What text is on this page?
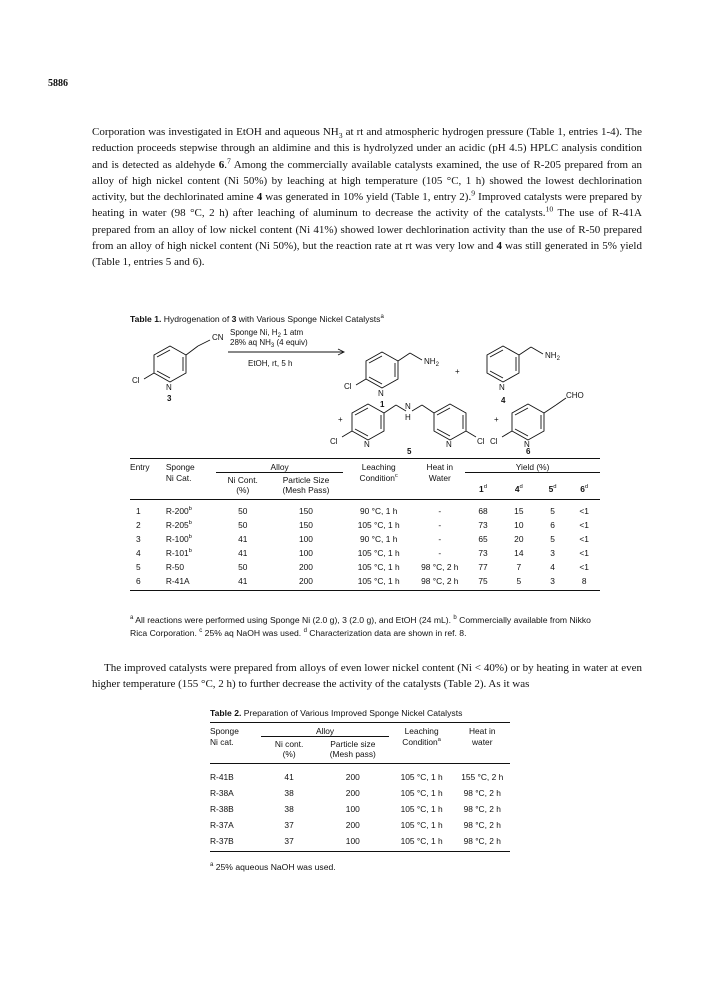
5886

Corporation was investigated in EtOH and aqueous $NH_3$ at rt and atmospheric hydrogen pressure (Table 1, entries 1-4). The reduction proceeds stepwise through an aldimine and this is hydrolyzed under an acidic (pH 4.5) HPLC analysis condition and is detected as aldehyde 6.$^7$ Among the commercially available catalysts examined, the use of R-205 prepared from an alloy of high nickel content (Ni 50%) by leaching at high temperature (105 °C, 1 h) showed the lowest dechlorination activity, but the dechlorinated amine 4 was generated in 10% yield (Table 1, entry 2).$^9$ Improved catalysts were prepared by heating in water (98 °C, 2 h) after leaching of aluminum to decrease the activity of the catalysts.$^{10}$ The use of R-41A prepared from an alloy of low nickel content (Ni 41%) showed lower dechlorination activity than the use of R-50 prepared from an alloy of high nickel content (Ni 50%), but the reaction rate at rt was very low and 4 was still generated in 5% yield (Table 1, entries 5 and 6).

Table 1. Hydrogenation of 3 with Various Sponge Nickel Catalysts$^a$
CN
Cl
N
3
Sponge Ni, $H_2$ 1 atm
28% aq $NH_3$ (4 equiv)
EtOH, rt, 5 h	$NH_2$
Cl
N
1
+
$NH_2$
N
4
+
N
H
Cl	N	N	Cl
5
+
CHO
Cl	N
6
Entry	Sponge	Alloy		Leaching	Heat in	Yield (%)			
	Ni Cat.	Ni Cont.	Particle Size	Condition$^c$	Water	1$^d$	4$^d$	5$^d$	6$^d$
		(%)	(Mesh Pass)						
1	R-200$^b$	50	150	90 °C, 1 h	-	68	15	5	<1
2	R-205$^b$	50	150	105 °C, 1 h	-	73	10	6	<1
3	R-100$^b$	41	100	90 °C, 1 h	-	65	20	5	<1
4	R-101$^b$	41	100	105 °C, 1 h	-	73	14	3	<1
5	R-50	50	200	105 °C, 1 h	98 °C, 2 h	77	7	4	<1
6	R-41A	41	200	105 °C, 1 h	98 °C, 2 h	75	5	3	8
$^a$ All reactions were performed using Sponge Ni (2.0 g), 3 (2.0 g), and EtOH (24 mL). $^b$ Commercially available from Nikko Rica Corporation. $^c$ 25% aq NaOH was used. $^d$ Characterization data are shown in ref. 8.
The improved catalysts were prepared from alloys of even lower nickel content (Ni < 40%) or by heating in water at even higher temperature (155 °C, 2 h) to further decrease the activity of the catalysts (Table 2). As it was
Table 2. Preparation of Various Improved Sponge Nickel Catalysts
Sponge	Alloy		Leaching	Heat in
Ni cat.	Ni cont.	Particle size	Condition$^a$	water
	(%)	(Mesh pass)		
R-41B	41	200	105 °C, 1 h	155 °C, 2 h
R-38A	38	200	105 °C, 1 h	98 °C, 2 h
R-38B	38	100	105 °C, 1 h	98 °C, 2 h
R-37A	37	200	105 °C, 1 h	98 °C, 2 h
R-37B	37	100	105 °C, 1 h	98 °C, 2 h
$^a$ 25% aqueous NaOH was used.
